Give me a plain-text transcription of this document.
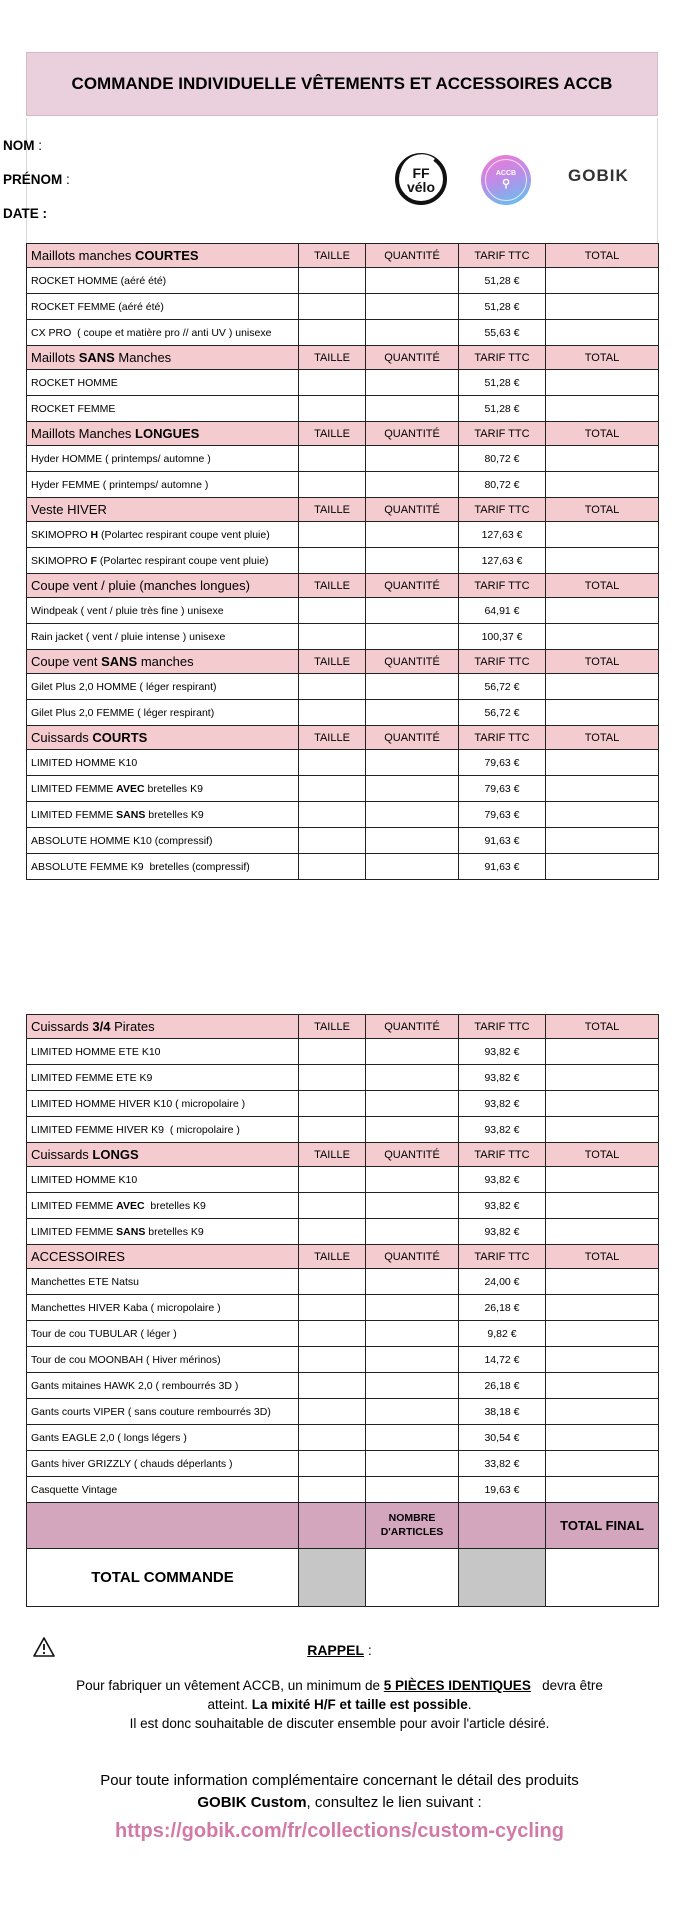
COMMANDE INDIVIDUELLE VÊTEMENTS ET ACCESSOIRES ACCB
NOM :
PRÉNOM :
DATE :
FF
vélo
ACCB
⚲	GOBIK
Maillots manches COURTES	TAILLE	QUANTITÉ	TARIF TTC	TOTAL
ROCKET HOMME (aéré été)			51,28 €	
ROCKET FEMME (aéré été)			51,28 €	
CX PRO  ( coupe et matière pro // anti UV ) unisexe			55,63 €	
Maillots SANS Manches	TAILLE	QUANTITÉ	TARIF TTC	TOTAL
ROCKET HOMME			51,28 €	
ROCKET FEMME			51,28 €	
Maillots Manches LONGUES	TAILLE	QUANTITÉ	TARIF TTC	TOTAL
Hyder HOMME ( printemps/ automne )			80,72 €	
Hyder FEMME ( printemps/ automne )			80,72 €	
Veste HIVER	TAILLE	QUANTITÉ	TARIF TTC	TOTAL
SKIMOPRO H (Polartec respirant coupe vent pluie)			127,63 €	
SKIMOPRO F (Polartec respirant coupe vent pluie)			127,63 €	
Coupe vent / pluie (manches longues)	TAILLE	QUANTITÉ	TARIF TTC	TOTAL
Windpeak ( vent / pluie très fine ) unisexe			64,91 €	
Rain jacket ( vent / pluie intense ) unisexe			100,37 €	
Coupe vent SANS manches	TAILLE	QUANTITÉ	TARIF TTC	TOTAL
Gilet Plus 2,0 HOMME ( léger respirant)			56,72 €	
Gilet Plus 2,0 FEMME ( léger respirant)			56,72 €	
Cuissards COURTS	TAILLE	QUANTITÉ	TARIF TTC	TOTAL
LIMITED HOMME K10			79,63 €	
LIMITED FEMME AVEC bretelles K9			79,63 €	
LIMITED FEMME SANS bretelles K9			79,63 €	
ABSOLUTE HOMME K10 (compressif)			91,63 €	
ABSOLUTE FEMME K9  bretelles (compressif)			91,63 €	
Cuissards 3/4 Pirates	TAILLE	QUANTITÉ	TARIF TTC	TOTAL
LIMITED HOMME ETE K10			93,82 €	
LIMITED FEMME ETE K9			93,82 €	
LIMITED HOMME HIVER K10 ( micropolaire )			93,82 €	
LIMITED FEMME HIVER K9  ( micropolaire )			93,82 €	
Cuissards LONGS	TAILLE	QUANTITÉ	TARIF TTC	TOTAL
LIMITED HOMME K10			93,82 €	
LIMITED FEMME AVEC  bretelles K9			93,82 €	
LIMITED FEMME SANS bretelles K9			93,82 €	
ACCESSOIRES	TAILLE	QUANTITÉ	TARIF TTC	TOTAL
Manchettes ETE Natsu			24,00 €	
Manchettes HIVER Kaba ( micropolaire )			26,18 €	
Tour de cou TUBULAR ( léger )			9,82 €	
Tour de cou MOONBAH ( Hiver mérinos)			14,72 €	
Gants mitaines HAWK 2,0 ( rembourrés 3D )			26,18 €	
Gants courts VIPER ( sans couture rembourrés 3D)			38,18 €	
Gants EAGLE 2,0 ( longs légers )			30,54 €	
Gants hiver GRIZZLY ( chauds déperlants )			33,82 €	
Casquette Vintage			19,63 €	
		NOMBRE D'ARTICLES		TOTAL FINAL
TOTAL COMMANDE				
RAPPEL :
Pour fabriquer un vêtement ACCB, un minimum de 5 PIÈCES IDENTIQUES   devra être
atteint. La mixité H/F et taille est possible.
Il est donc souhaitable de discuter ensemble pour avoir l'article désiré.
Pour toute information complémentaire concernant le détail des produits
GOBIK Custom, consultez le lien suivant :
https://gobik.com/fr/collections/custom-cycling
